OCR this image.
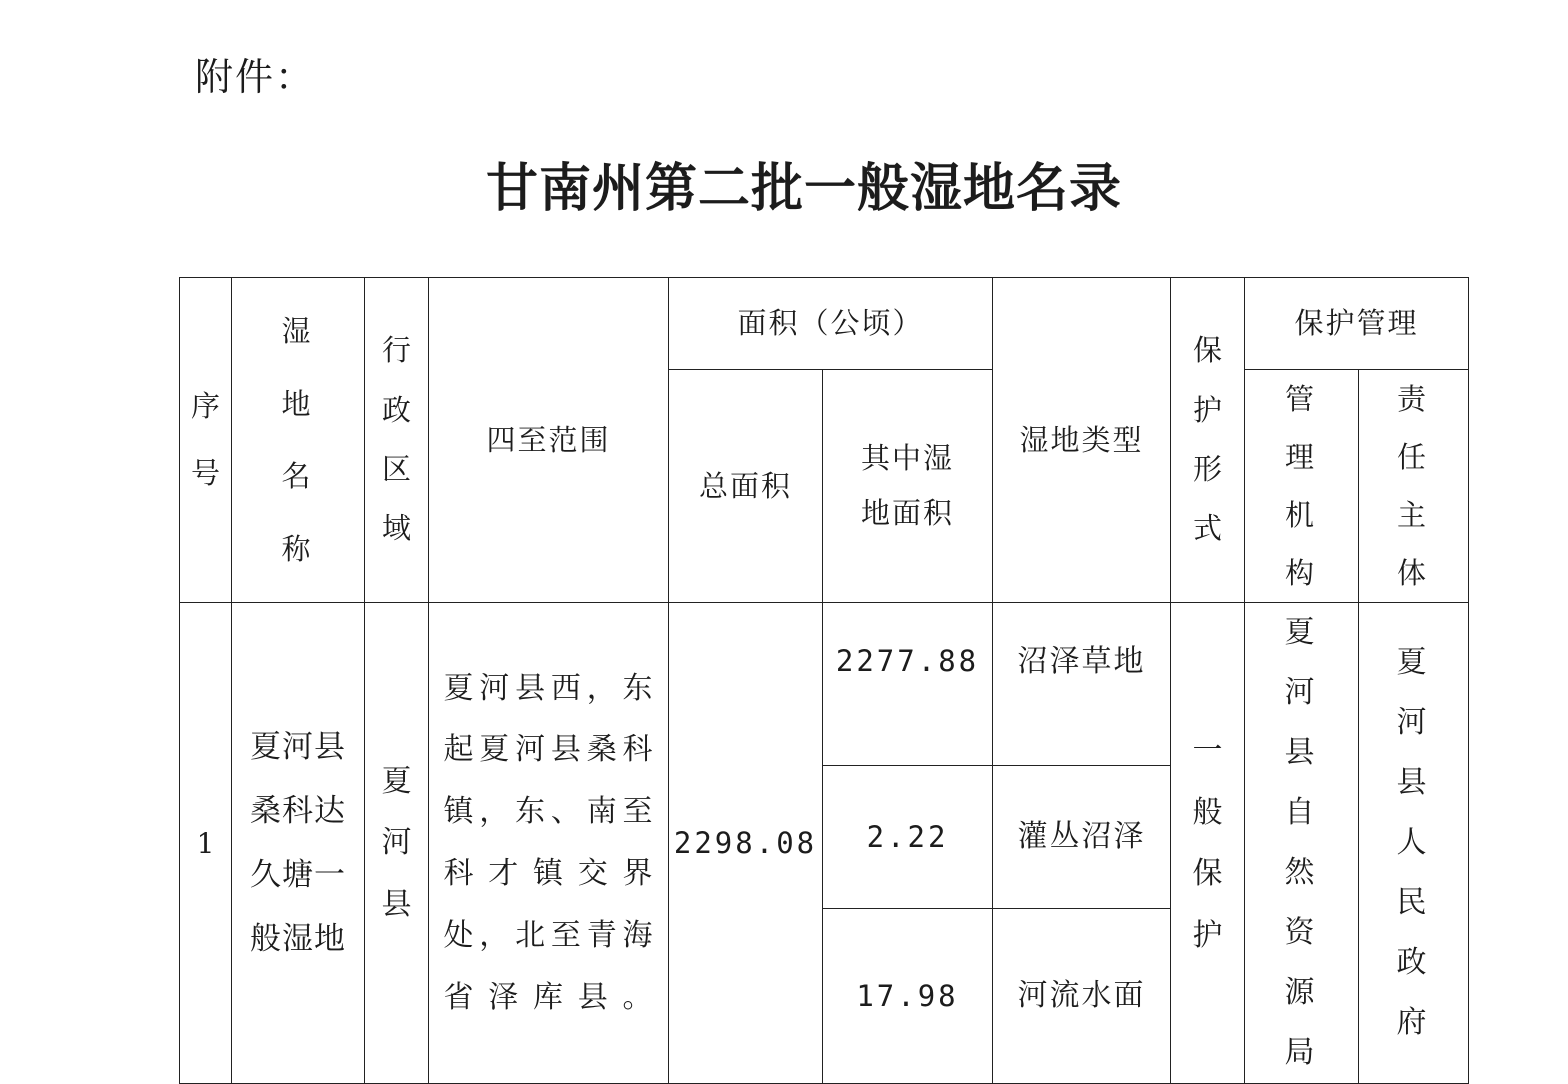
附件：
甘南州第二批一般湿地名录
序号	湿地名称	行政区域	四至范围	面积（公顷）		湿地类型	保护形式	保护管理	
				总面积	其中湿地面积			管理机构	责任主体

1	夏河县桑科达久塘一般湿地	夏河县	夏河县西，东起夏河县桑科镇，东、南至科才镇交界处，北至青海省泽库县。	2298.08	2277.88	沼泽草地	一般保护	夏河县自然资源局	夏河县人民政府

					2.22	灌丛沼泽			
					17.98	河流水面			
